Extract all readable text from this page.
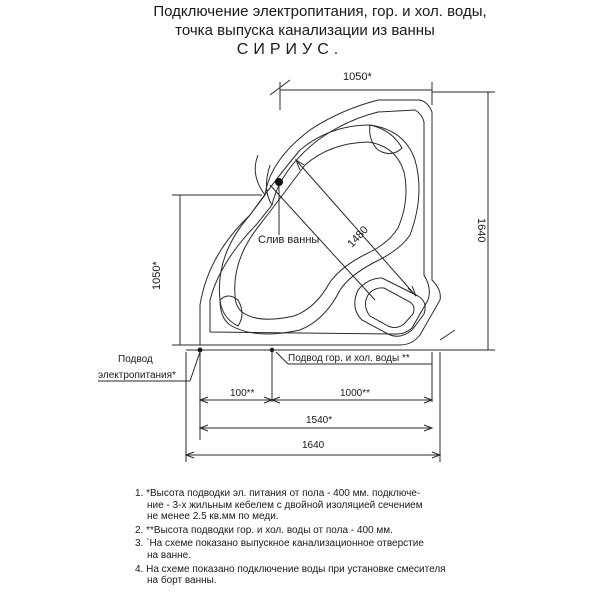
Подключение электропитания, гор. и хол. воды,
точка выпуска канализации из ванны
СИРИУС.
1050*
1640
1050*
1480
Слив ванны
Подвод
электропитания*
Подвод гор. и хол. воды **
100**	1000**
1540*
1640

1. *Высота подводки эл. питания от пола - 400 мм. подключе-
ние - 3-х жильным кебелем с двойной изоляцией сечением
не менее 2.5 кв.мм по меди.

2. **Высота подводки гор. и хол. воды от пола - 400 мм.

3. `На схеме показано выпускное канализационное отверстие
на ванне.

4. На схеме показано подключение воды при установке смесителя
на борт ванны.
